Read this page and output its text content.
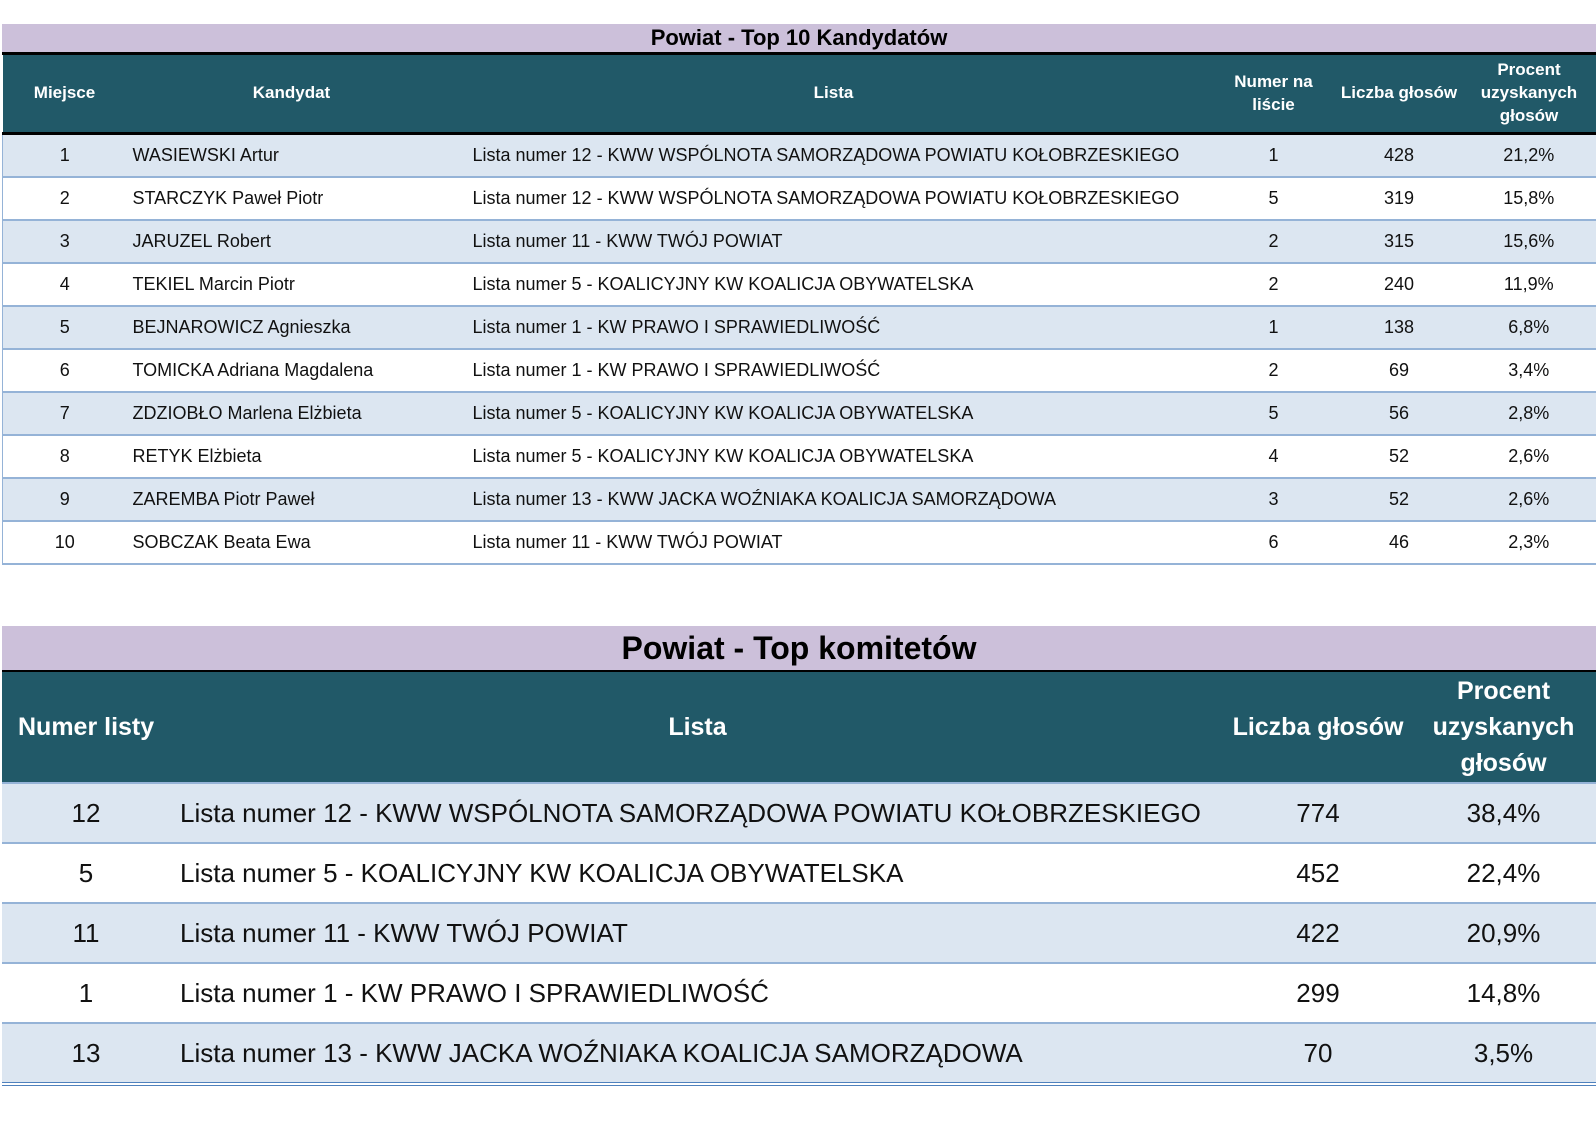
Powiat - Top 10 Kandydatów
Miejsce	Kandydat	Lista	Numer na liście	Liczba głosów	Procent uzyskanych głosów
1	WASIEWSKI Artur	Lista numer 12 - KWW WSPÓLNOTA SAMORZĄDOWA POWIATU KOŁOBRZESKIEGO	1	428	21,2%
2	STARCZYK Paweł Piotr	Lista numer 12 - KWW WSPÓLNOTA SAMORZĄDOWA POWIATU KOŁOBRZESKIEGO	5	319	15,8%
3	JARUZEL Robert	Lista numer 11 - KWW TWÓJ POWIAT	2	315	15,6%
4	TEKIEL Marcin Piotr	Lista numer 5 - KOALICYJNY KW KOALICJA OBYWATELSKA	2	240	11,9%
5	BEJNAROWICZ Agnieszka	Lista numer 1 - KW PRAWO I SPRAWIEDLIWOŚĆ	1	138	6,8%
6	TOMICKA Adriana Magdalena	Lista numer 1 - KW PRAWO I SPRAWIEDLIWOŚĆ	2	69	3,4%
7	ZDZIOBŁO Marlena Elżbieta	Lista numer 5 - KOALICYJNY KW KOALICJA OBYWATELSKA	5	56	2,8%
8	RETYK Elżbieta	Lista numer 5 - KOALICYJNY KW KOALICJA OBYWATELSKA	4	52	2,6%
9	ZAREMBA Piotr Paweł	Lista numer 13 - KWW JACKA WOŹNIAKA KOALICJA SAMORZĄDOWA	3	52	2,6%
10	SOBCZAK Beata Ewa	Lista numer 11 - KWW TWÓJ POWIAT	6	46	2,3%
Powiat - Top komitetów
Numer listy	Lista	Liczba głosów	Procent uzyskanych głosów
12	Lista numer 12 - KWW WSPÓLNOTA SAMORZĄDOWA POWIATU KOŁOBRZESKIEGO	774	38,4%
5	Lista numer 5 - KOALICYJNY KW KOALICJA OBYWATELSKA	452	22,4%
11	Lista numer 11 - KWW TWÓJ POWIAT	422	20,9%
1	Lista numer 1 - KW PRAWO I SPRAWIEDLIWOŚĆ	299	14,8%
13	Lista numer 13 - KWW JACKA WOŹNIAKA KOALICJA SAMORZĄDOWA	70	3,5%
